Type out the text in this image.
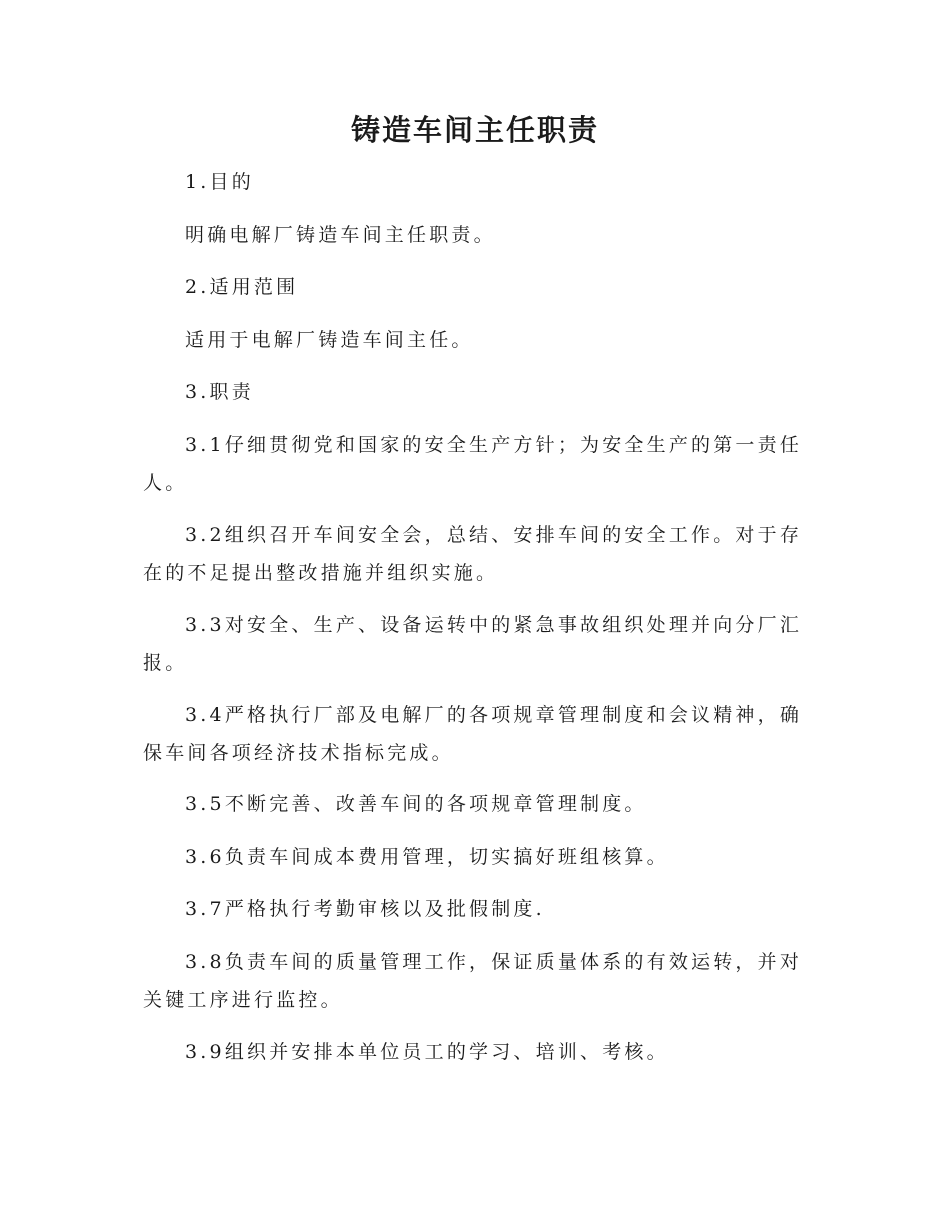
铸造车间主任职责

1.目的

明确电解厂铸造车间主任职责。

2.适用范围

适用于电解厂铸造车间主任。

3.职责

3.1仔细贯彻党和国家的安全生产方针；为安全生产的第一责任人。

3.2组织召开车间安全会，总结、安排车间的安全工作。对于存在的不足提出整改措施并组织实施。

3.3对安全、生产、设备运转中的紧急事故组织处理并向分厂汇报。

3.4严格执行厂部及电解厂的各项规章管理制度和会议精神，确保车间各项经济技术指标完成。

3.5不断完善、改善车间的各项规章管理制度。

3.6负责车间成本费用管理，切实搞好班组核算。

3.7严格执行考勤审核以及批假制度.

3.8负责车间的质量管理工作，保证质量体系的有效运转，并对关键工序进行监控。

3.9组织并安排本单位员工的学习、培训、考核。
